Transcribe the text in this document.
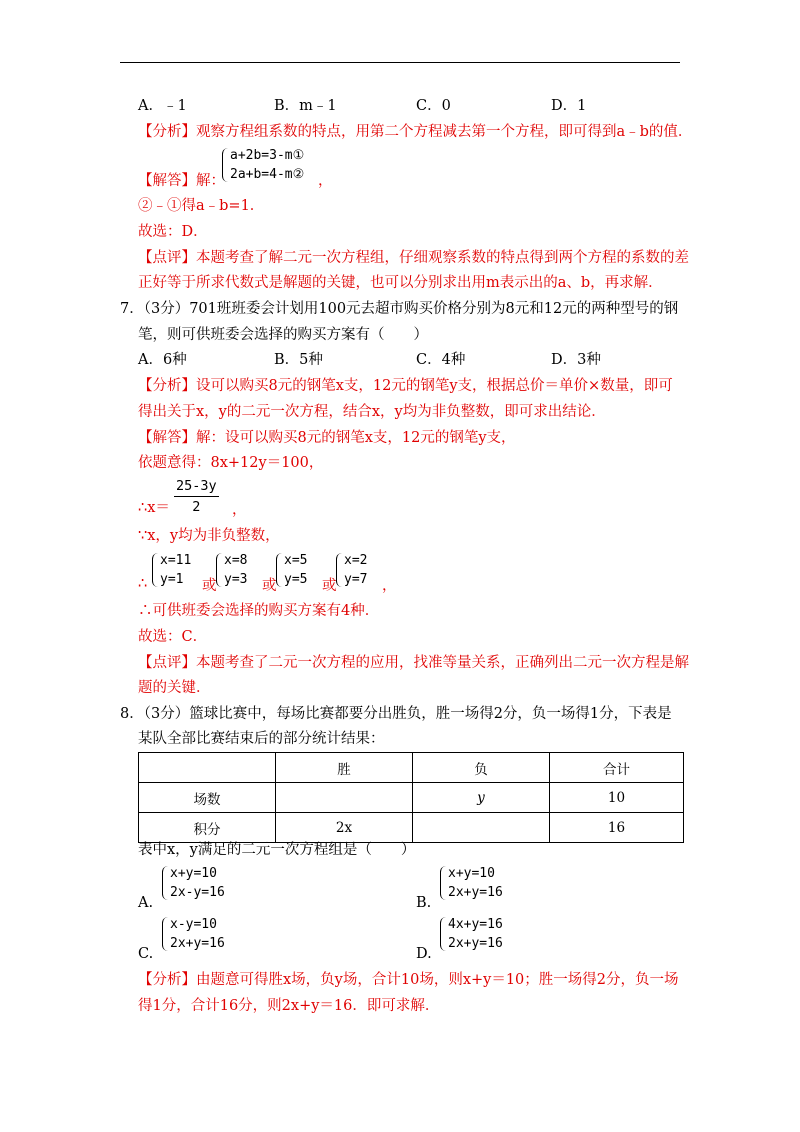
A．﹣1	B．m﹣1	C．0	D．1
【分析】观察方程组系数的特点，用第二个方程减去第一个方程，即可得到a﹣b的值．
【解答】解：
a+2b=3-m①
2a+b=4-m② ，
②﹣①得a﹣b=1．
故选：D．
【点评】本题考查了解二元一次方程组，仔细观察系数的特点得到两个方程的系数的差
正好等于所求代数式是解题的关键，也可以分别求出用m表示出的a、b，再求解．
7．（3分）701班班委会计划用100元去超市购买价格分别为8元和12元的两种型号的钢
笔，则可供班委会选择的购买方案有（　　）
A．6种	B．5种	C．4种	D．3种
【分析】设可以购买8元的钢笔x支，12元的钢笔y支，根据总价＝单价×数量，即可
得出关于x，y的二元一次方程，结合x，y均为非负整数，即可求出结论．
【解答】解：设可以购买8元的钢笔x支，12元的钢笔y支，
依题意得：8x+12y＝100，
∴x＝ $\frac{25-3y}{2}$ ，
∵x，y均为非负整数，
∴
x=11
y=1	或
x=8
y=3 或
x=5
y=5 或
x=2
y=7 ，
∴可供班委会选择的购买方案有4种．
故选：C．
【点评】本题考查了二元一次方程的应用，找准等量关系，正确列出二元一次方程是解
题的关键．
8．（3分）篮球比赛中，每场比赛都要分出胜负，胜一场得2分，负一场得1分，下表是
某队全部比赛结束后的部分统计结果：
	胜	负	合计
场数		y	10
积分	2x		16
表中x，y满足的二元一次方程组是（　　）
A.
x+y=10
2x-y=16
B.
x+y=10
2x+y=16
C.
x-y=10
2x+y=16
D.
4x+y=16
2x+y=16
【分析】由题意可得胜x场，负y场，合计10场，则x+y＝10；胜一场得2分，负一场
得1分，合计16分，则2x+y＝16．即可求解．
